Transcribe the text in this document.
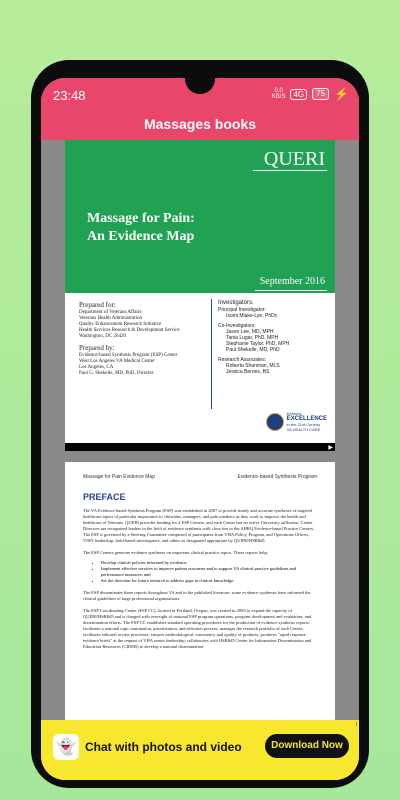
23:48	0.0
KB/S	4G	75 ⚡
Massages books
QUERI
Massage for Pain:
An Evidence Map
September 2016
Prepared for:
Department of Veterans Affairs
Veterans Health Administration
Quality Enhancement Research Initiative
Health Services Research & Development Service
Washington, DC 20420
Prepared by:
Evidence-based Synthesis Program (ESP) Center
West Los Angeles VA Medical Center
Los Angeles, CA
Paul G. Shekelle, MD, PhD, Director
Investigators:
Principal Investigator:
Isomi Miake-Lye, PhDc
Co-Investigators:
Jason Lee, MD, MPH
Tania Lugar, PhD, MPH
Stephanie Taylor, PhD, MPH
Paul Shekelle, MD, PhD
Research Associates:
Roberta Shanman, MLS
Jessica Beroes, BS
Defining
EXCELLENCE
in the 21st Century
VA HEALTH CARE
▶
Massage for Pain Evidence Map	Evidence-based Synthesis Program
PREFACE

The VA Evidence-based Synthesis Program (ESP) was established in 2007 to provide timely and accurate syntheses of targeted healthcare topics of particular importance to clinicians, managers, and policymakers as they work to improve the health and healthcare of Veterans. QUERI provides funding for 4 ESP Centers, and each Center has an active University affiliation. Center Directors are recognized leaders in the field of evidence synthesis with close ties to the AHRQ Evidence-based Practice Centers. The ESP is governed by a Steering Committee comprised of participants from VHA Policy, Program, and Operations Offices, VISN leadership, field-based investigators, and others as designated appropriate by QUERI/HSR&D.

The ESP Centers generate evidence syntheses on important clinical practice topics. These reports help:

• Develop clinical policies informed by evidence;
• Implement effective services to improve patient outcomes and to support VA clinical practice guidelines and performance measures; and
• Set the direction for future research to address gaps in clinical knowledge.

The ESP disseminates these reports throughout VA and in the published literature; some evidence syntheses have informed the clinical guidelines of large professional organizations.

The ESP Coordinating Center (ESP CC), located in Portland, Oregon, was created in 2009 to expand the capacity of QUERI/HSR&D and is charged with oversight of national ESP program operations, program development and evaluation, and dissemination efforts. The ESP CC establishes standard operating procedures for the production of evidence synthesis reports; facilitates a national topic nomination, prioritization, and selection process; manages the research portfolio of each Center; facilitates editorial review processes; ensures methodological consistency and quality of products; produces "rapid response evidence briefs" at the request of VHA senior leadership; collaborates with HSR&D Center for Information Dissemination and Education Resources (CIDER) to develop a national dissemination

👻 Chat with photos and video	Download Now
i
